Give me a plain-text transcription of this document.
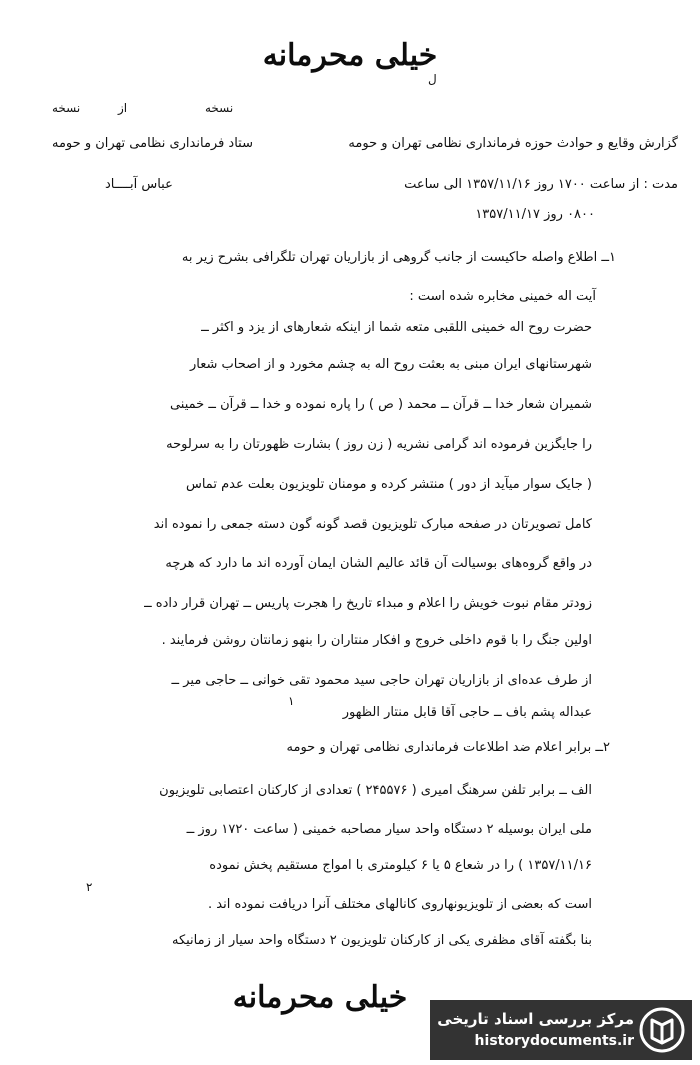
خیلی محرمانه
ل
نسخه
از
نسخه
ستاد فرمانداری نظامی تهران و حومه	گزارش وقایع و حوادث حوزه فرمانداری نظامی تهران و حومه
عباس آبــــاد	مدت : از ساعت ۱۷۰۰ روز ۱۳۵۷/۱۱/۱۶ الی ساعت
۰۸۰۰ روز ۱۳۵۷/۱۱/۱۷
۱ــ اطلاع واصله حاکیست از جانب گروهی از بازاریان تهران تلگرافی بشرح زیر به
آیت اله خمینی مخابره شده است :
حضرت روح اله خمینی اللقبی متعه شما از اینکه شعارهای از یزد و اکثر ــ
شهرستانهای ایران مبنی به بعثت روح اله به چشم مخورد و از اصحاب شعار
شمیران شعار خدا ــ قرآن ــ محمد ( ص ) را پاره نموده و خدا ــ قرآن ــ خمینی
را جایگزین فرموده اند گرامی نشریه ( زن روز ) بشارت ظهورتان را به سرلوحه
( جایک سوار میآید از دور ) منتشر کرده و مومنان تلویزیون بعلت عدم تماس
کامل تصویرتان در صفحه مبارک تلویزیون قصد گونه گون دسته جمعی را نموده اند
در واقع گروه‌های بوسیالت آن قائد عالیم الشان ایمان آورده اند ما دارد که هرچه
زودتر مقام نبوت خویش را اعلام و مبداء تاریخ را هجرت پاریس ــ تهران قرار داده ــ
اولین جنگ را با قوم داخلی خروج و افکار منتاران را بنهو زمانتان روشن فرمایند .
از طرف عده‌ای از بازاریان تهران حاجی سید محمود تقی خوانی ــ حاجی میر ــ
عبداله پشم باف ــ حاجی آقا قابل منتار الظهور
۱
۲ــ برابر اعلام ضد اطلاعات فرمانداری نظامی تهران و حومه
الف ــ برابر تلفن سرهنگ امیری ( ۲۴۵۵۷۶ ) تعدادی از کارکنان اعتصابی تلویزیون
ملی ایران بوسیله ۲ دستگاه واحد سیار مصاحبه خمینی ( ساعت ۱۷۲۰ روز ــ
۱۳۵۷/۱۱/۱۶ ) را در شعاع ۵ یا ۶ کیلومتری با امواج مستقیم پخش نموده
۲
است که بعضی از تلویزیونهاروی کانالهای مختلف آنرا دریافت نموده اند .
بنا بگفته آقای مظفری یکی از کارکنان تلویزیون ۲ دستگاه واحد سیار از زمانیکه
خیلی محرمانه
مرکز بررسی اسناد تاریخی
historydocuments.ir
